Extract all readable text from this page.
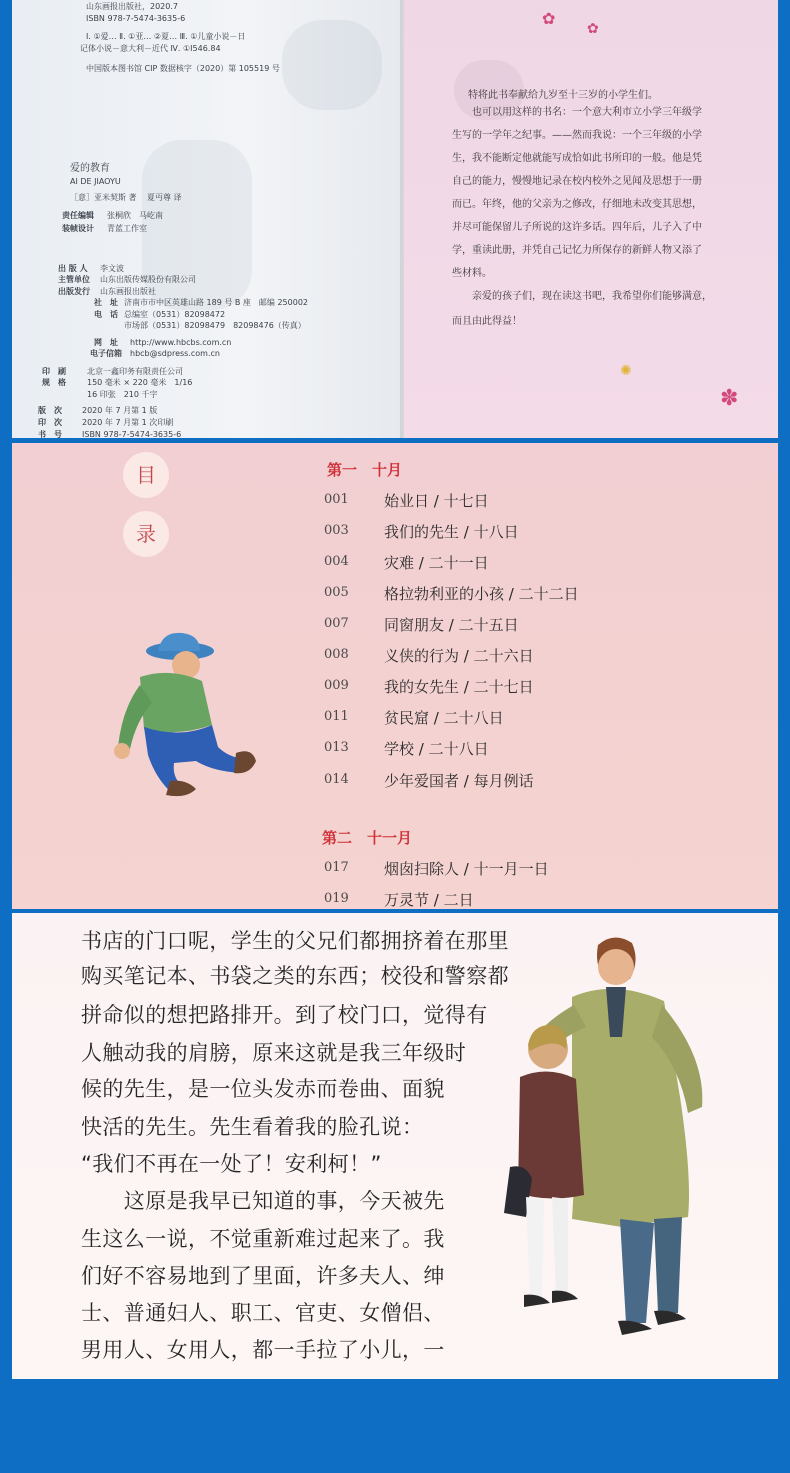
山东画报出版社，2020.7
ISBN 978-7-5474-3635-6
Ⅰ. ①爱… Ⅱ. ①亚… ②夏… Ⅲ. ①儿童小说－日
记体小说－意大利－近代 Ⅳ. ①I546.84
中国版本图书馆 CIP 数据核字（2020）第 105519 号
爱的教育
AI DE JIAOYU
［意］亚米契斯 著 夏丏尊 译
责任编辑 张桐欣　马屹南
装帧设计 青蓝工作室
出 版 人 李文波
主管单位 山东出版传媒股份有限公司
出版发行 山东画报出版社
社　址 济南市市中区英雄山路 189 号 B 座　邮编 250002
电　话 总编室（0531）82098472
市场部（0531）82098479　82098476（传真）
网　址 http://www.hbcbs.com.cn
电子信箱 hbcb@sdpress.com.cn
印　刷	北京一鑫印务有限责任公司
规　格	150 毫米 × 220 毫米　1/16
16 印张　210 千字
版　次	2020 年 7 月第 1 版
印　次	2020 年 7 月第 1 次印刷
书　号	ISBN 978-7-5474-3635-6
✿
✿
✺
✽
特将此书奉献给九岁至十三岁的小学生们。
　　也可以用这样的书名：一个意大利市立小学三年级学
生写的一学年之纪事。——然而我说：一个三年级的小学
生，我不能断定他就能写成恰如此书所印的一般。他是凭
自己的能力，慢慢地记录在校内校外之见闻及思想于一册
而已。年终，他的父亲为之修改，仔细地未改变其思想，
并尽可能保留儿子所说的这许多话。四年后，儿子入了中
学，重读此册，并凭自己记忆力所保存的新鲜人物又添了
些材料。
　　亲爱的孩子们，现在读这书吧，我希望你们能够满意，
而且由此得益！
目
录
第一　十月
001 始业日 / 十七日
003 我们的先生 / 十八日
004 灾难 / 二十一日
005 格拉勃利亚的小孩 / 二十二日
007 同窗朋友 / 二十五日
008 义侠的行为 / 二十六日
009 我的女先生 / 二十七日
011 贫民窟 / 二十八日
013 学校 / 二十八日
014 少年爱国者 / 每月例话
第二　十一月
017 烟囱扫除人 / 十一月一日
019 万灵节 / 二日
书店的门口呢，学生的父兄们都拥挤着在那里
购买笔记本、书袋之类的东西；校役和警察都
拼命似的想把路排开。到了校门口，觉得有
人触动我的肩膀，原来这就是我三年级时
候的先生，是一位头发赤而卷曲、面貌
快活的先生。先生看着我的脸孔说：
“我们不再在一处了！安利柯！”
　　这原是我早已知道的事，今天被先
生这么一说，不觉重新难过起来了。我
们好不容易地到了里面，许多夫人、绅
士、普通妇人、职工、官吏、女僧侣、
男用人、女用人，都一手拉了小儿，一
